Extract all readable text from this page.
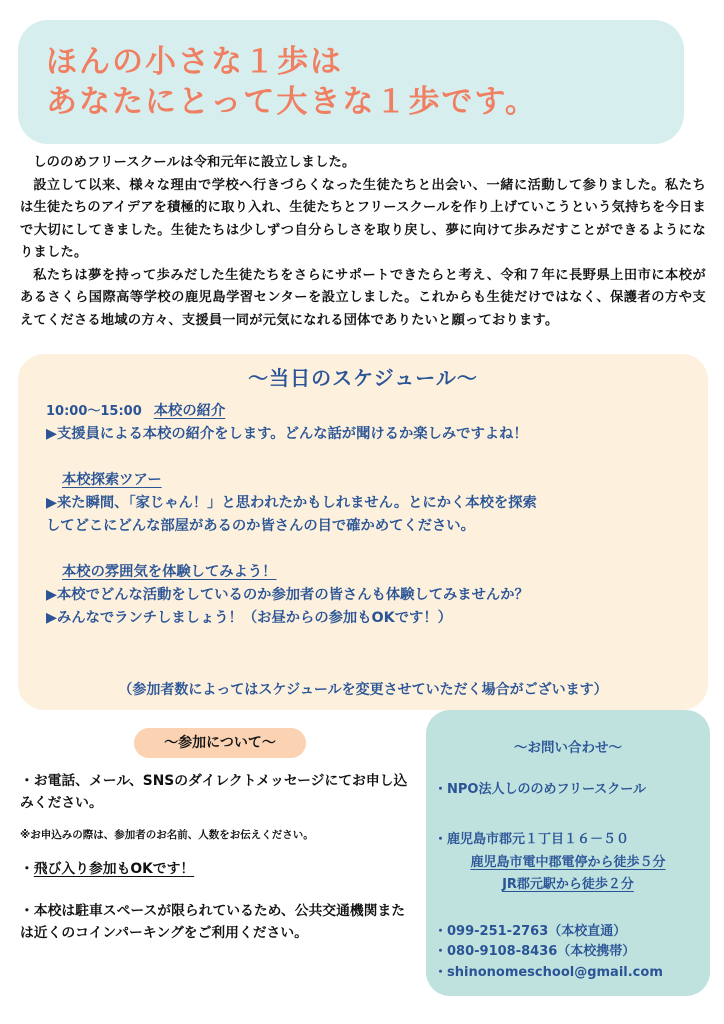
ほんの小さな１歩は
あなたにとって大きな１歩です。

しののめフリースクールは令和元年に設立しました。

設立して以来、様々な理由で学校へ行きづらくなった生徒たちと出会い、一緒に活動して参りました。私たちは生徒たちのアイデアを積極的に取り入れ、生徒たちとフリースクールを作り上げていこうという気持ちを今日まで大切にしてきました。生徒たちは少しずつ自分らしさを取り戻し、夢に向けて歩みだすことができるようになりました。

私たちは夢を持って歩みだした生徒たちをさらにサポートできたらと考え、令和７年に長野県上田市に本校があるさくら国際高等学校の鹿児島学習センターを設立しました。これからも生徒だけではなく、保護者の方や支えてくださる地域の方々、支援員一同が元気になれる団体でありたいと願っております。

〜当日のスケジュール〜
10:00〜15:00 本校の紹介
▶支援員による本校の紹介をします。どんな話が聞けるか楽しみですよね！
本校探索ツアー
▶来た瞬間、「家じゃん！」と思われたかもしれません。とにかく本校を探索
してどこにどんな部屋があるのか皆さんの目で確かめてください。
本校の雰囲気を体験してみよう！
▶本校でどんな活動をしているのか参加者の皆さんも体験してみませんか？
▶みんなでランチしましょう！（お昼からの参加もOKです！）
（参加者数によってはスケジュールを変更させていただく場合がございます）
〜参加について〜
・お電話、メール、SNSのダイレクトメッセージにてお申し込みください。
※お申込みの際は、参加者のお名前、人数をお伝えください。
・飛び入り参加もOKです！
・本校は駐車スペースが限られているため、公共交通機関または近くのコインパーキングをご利用ください。
〜お問い合わせ〜
・NPO法人しののめフリースクール
・鹿児島市郡元１丁目１６－５０
鹿児島市電中郡電停から徒歩５分
JR郡元駅から徒歩２分
・099-251-2763（本校直通）
・080-9108-8436（本校携帯）
・shinonomeschool@gmail.com
